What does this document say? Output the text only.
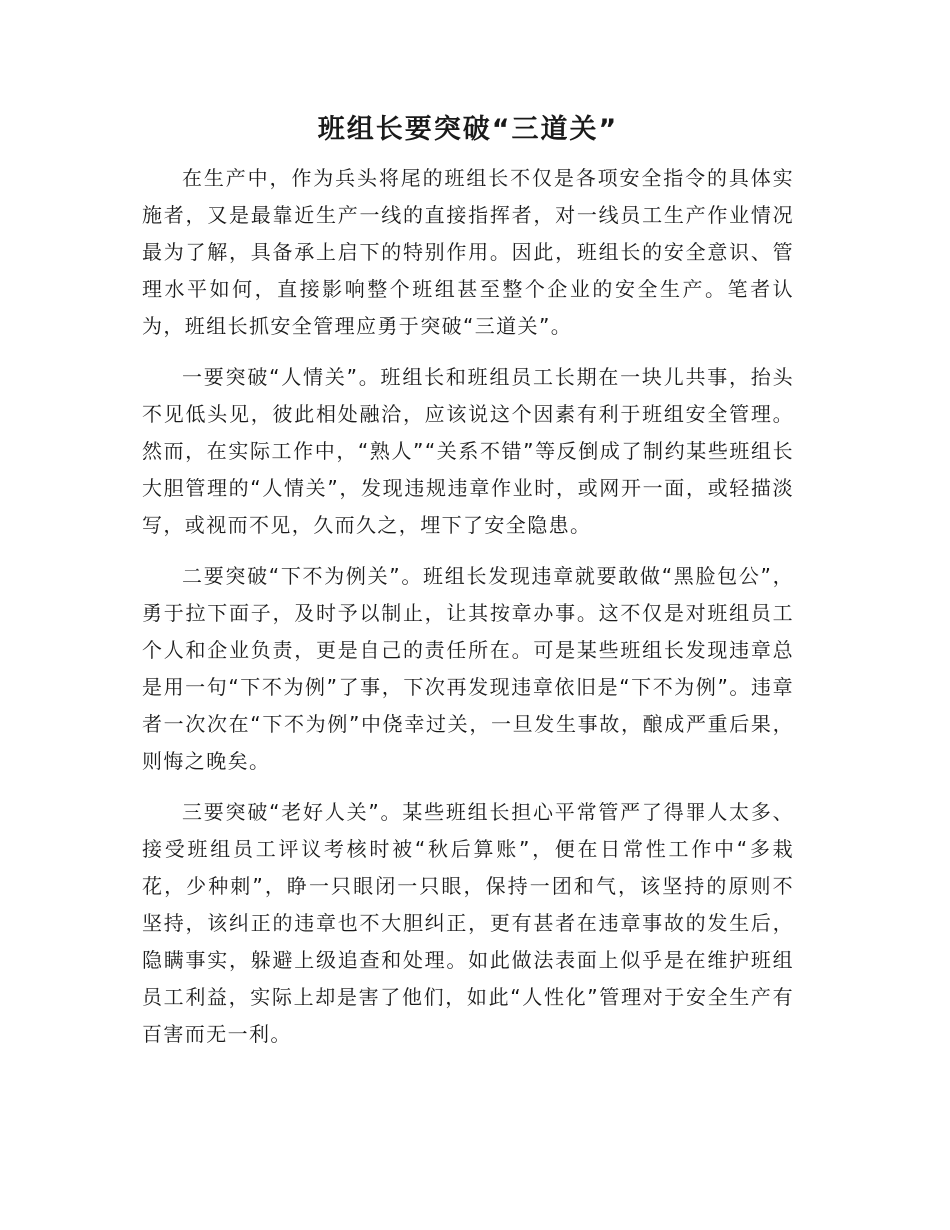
班组长要突破“三道关”

在生产中，作为兵头将尾的班组长不仅是各项安全指令的具体实施者，又是最靠近生产一线的直接指挥者，对一线员工生产作业情况最为了解，具备承上启下的特别作用。因此，班组长的安全意识、管理水平如何，直接影响整个班组甚至整个企业的安全生产。笔者认为，班组长抓安全管理应勇于突破“三道关”。

一要突破“人情关”。班组长和班组员工长期在一块儿共事，抬头不见低头见，彼此相处融洽，应该说这个因素有利于班组安全管理。然而，在实际工作中，“熟人”“关系不错”等反倒成了制约某些班组长大胆管理的“人情关”，发现违规违章作业时，或网开一面，或轻描淡写，或视而不见，久而久之，埋下了安全隐患。

二要突破“下不为例关”。班组长发现违章就要敢做“黑脸包公”，勇于拉下面子，及时予以制止，让其按章办事。这不仅是对班组员工个人和企业负责，更是自己的责任所在。可是某些班组长发现违章总是用一句“下不为例”了事，下次再发现违章依旧是“下不为例”。违章者一次次在“下不为例”中侥幸过关，一旦发生事故，酿成严重后果，则悔之晚矣。

三要突破“老好人关”。某些班组长担心平常管严了得罪人太多、接受班组员工评议考核时被“秋后算账”，便在日常性工作中“多栽花，少种刺”，睁一只眼闭一只眼，保持一团和气，该坚持的原则不坚持，该纠正的违章也不大胆纠正，更有甚者在违章事故的发生后，隐瞒事实，躲避上级追查和处理。如此做法表面上似乎是在维护班组员工利益，实际上却是害了他们，如此“人性化”管理对于安全生产有百害而无一利。
